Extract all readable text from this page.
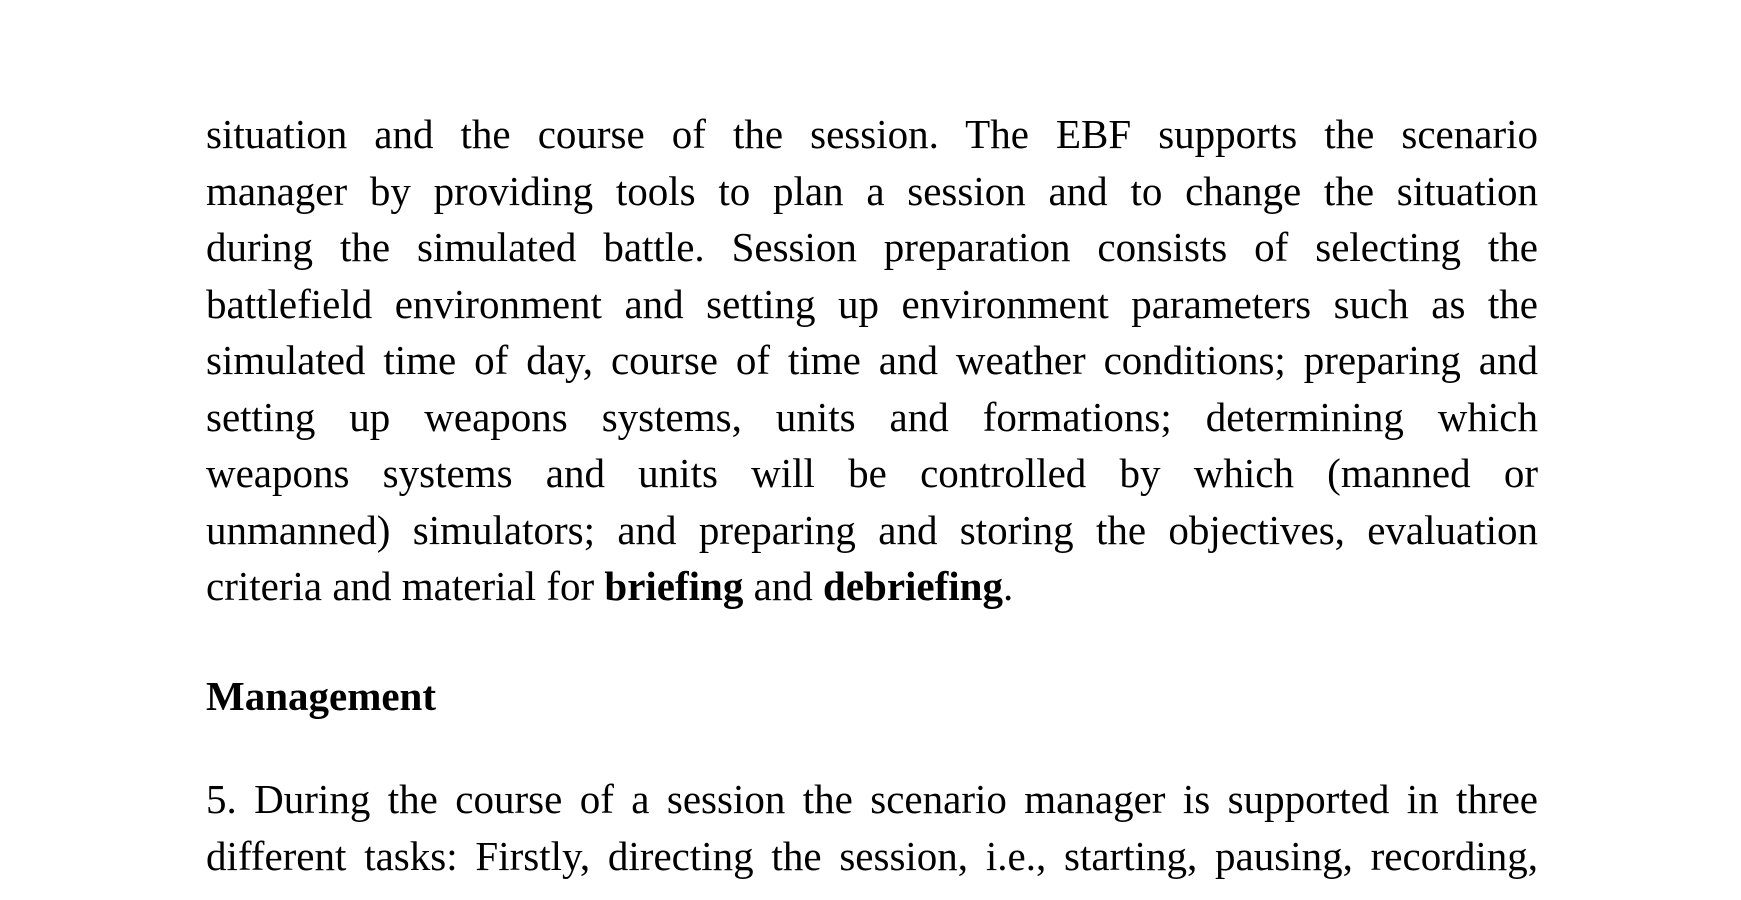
situation and the course of the session. The EBF supports the scenario
manager by providing tools to plan a session and to change the situation
during the simulated battle. Session preparation consists of selecting the
battlefield environment and setting up environment parameters such as the
simulated time of day, course of time and weather conditions; preparing and
setting up weapons systems, units and formations; determining which
weapons systems and units will be controlled by which (manned or
unmanned) simulators; and preparing and storing the objectives, evaluation
criteria and material for briefing and debriefing.
Management
5. During the course of a session the scenario manager is supported in three
different tasks: Firstly, directing the session, i.e., starting, pausing, recording,
